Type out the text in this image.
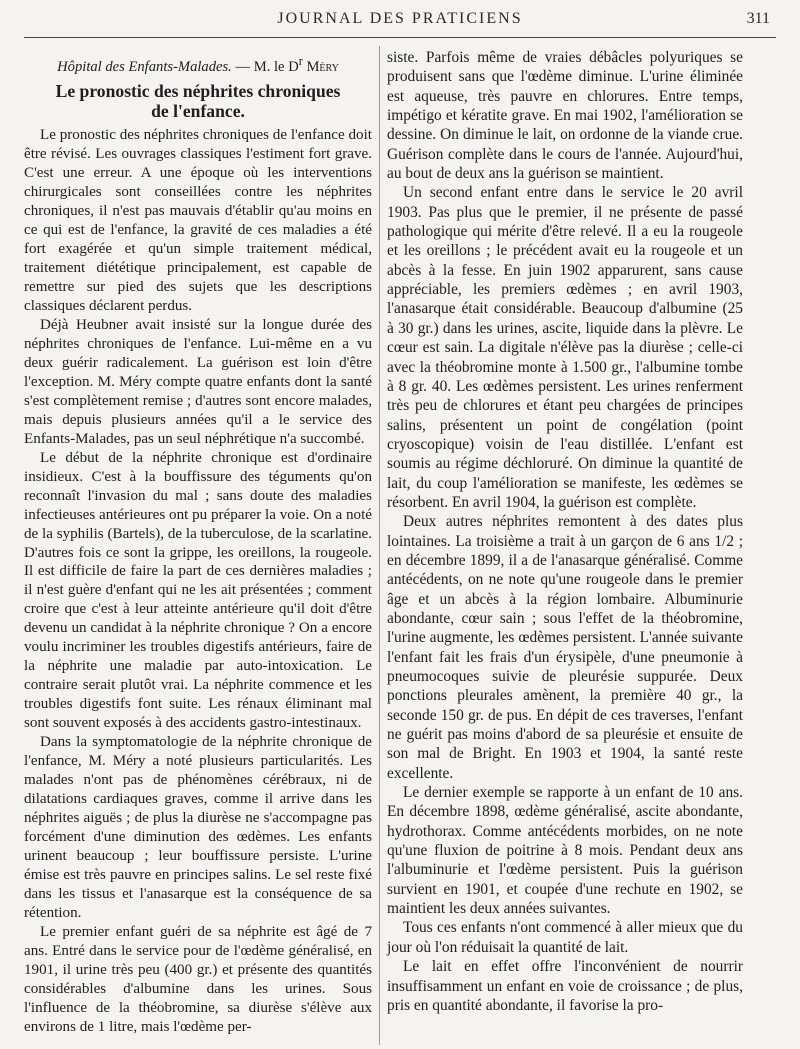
JOURNAL DES PRATICIENS	311

Hôpital des Enfants-Malades. — M. le $D^r$ Méry

Le pronostic des néphrites chroniques
de l'enfance.

Le pronostic des néphrites chroniques de l'enfance doit être révisé. Les ouvrages classiques l'estiment fort grave. C'est une erreur. A une époque où les interventions chirurgicales sont conseillées contre les néphrites chroniques, il n'est pas mauvais d'établir qu'au moins en ce qui est de l'enfance, la gravité de ces maladies a été fort exagérée et qu'un simple traitement médical, traitement diététique principalement, est capable de remettre sur pied des sujets que les descriptions classiques déclarent perdus.

Déjà Heubner avait insisté sur la longue durée des néphrites chroniques de l'enfance. Lui-même en a vu deux guérir radicalement. La guérison est loin d'être l'exception. M. Méry compte quatre enfants dont la santé s'est complètement remise ; d'autres sont encore malades, mais depuis plusieurs années qu'il a le service des Enfants-Malades, pas un seul néphrétique n'a succombé.

Le début de la néphrite chronique est d'ordinaire insidieux. C'est à la bouffissure des téguments qu'on reconnaît l'invasion du mal ; sans doute des maladies infectieuses antérieures ont pu préparer la voie. On a noté de la syphilis (Bartels), de la tuberculose, de la scarlatine. D'autres fois ce sont la grippe, les oreillons, la rougeole. Il est difficile de faire la part de ces dernières maladies ; il n'est guère d'enfant qui ne les ait présentées ; comment croire que c'est à leur atteinte antérieure qu'il doit d'être devenu un candidat à la néphrite chronique ? On a encore voulu incriminer les troubles digestifs antérieurs, faire de la néphrite une maladie par auto-intoxication. Le contraire serait plutôt vrai. La néphrite commence et les troubles digestifs font suite. Les rénaux éliminant mal sont souvent exposés à des accidents gastro-intestinaux.

Dans la symptomatologie de la néphrite chronique de l'enfance, M. Méry a noté plusieurs particularités. Les malades n'ont pas de phénomènes cérébraux, ni de dilatations cardiaques graves, comme il arrive dans les néphrites aiguës ; de plus la diurèse ne s'accompagne pas forcément d'une diminution des œdèmes. Les enfants urinent beaucoup ; leur bouffissure persiste. L'urine émise est très pauvre en principes salins. Le sel reste fixé dans les tissus et l'anasarque est la conséquence de sa rétention.

Le premier enfant guéri de sa néphrite est âgé de 7 ans. Entré dans le service pour de l'œdème généralisé, en 1901, il urine très peu (400 gr.) et présente des quantités considérables d'albumine dans les urines. Sous l'influence de la théobromine, sa diurèse s'élève aux environs de 1 litre, mais l'œdème per-

siste. Parfois même de vraies débâcles polyuriques se produisent sans que l'œdème diminue. L'urine éliminée est aqueuse, très pauvre en chlorures. Entre temps, impétigo et kératite grave. En mai 1902, l'amélioration se dessine. On diminue le lait, on ordonne de la viande crue. Guérison complète dans le cours de l'année. Aujourd'hui, au bout de deux ans la guérison se maintient.

Un second enfant entre dans le service le 20 avril 1903. Pas plus que le premier, il ne présente de passé pathologique qui mérite d'être relevé. Il a eu la rougeole et les oreillons ; le précédent avait eu la rougeole et un abcès à la fesse. En juin 1902 apparurent, sans cause appréciable, les premiers œdèmes ; en avril 1903, l'anasarque était considérable. Beaucoup d'albumine (25 à 30 gr.) dans les urines, ascite, liquide dans la plèvre. Le cœur est sain. La digitale n'élève pas la diurèse ; celle-ci avec la théobromine monte à 1.500 gr., l'albumine tombe à 8 gr. 40. Les œdèmes persistent. Les urines renferment très peu de chlorures et étant peu chargées de principes salins, présentent un point de congélation (point cryoscopique) voisin de l'eau distillée. L'enfant est soumis au régime déchloruré. On diminue la quantité de lait, du coup l'amélioration se manifeste, les œdèmes se résorbent. En avril 1904, la guérison est complète.

Deux autres néphrites remontent à des dates plus lointaines. La troisième a trait à un garçon de 6 ans 1/2 ; en décembre 1899, il a de l'anasarque généralisé. Comme antécédents, on ne note qu'une rougeole dans le premier âge et un abcès à la région lombaire. Albuminurie abondante, cœur sain ; sous l'effet de la théobromine, l'urine augmente, les œdèmes persistent. L'année suivante l'enfant fait les frais d'un érysipèle, d'une pneumonie à pneumocoques suivie de pleurésie suppurée. Deux ponctions pleurales amènent, la première 40 gr., la seconde 150 gr. de pus. En dépit de ces traverses, l'enfant ne guérit pas moins d'abord de sa pleurésie et ensuite de son mal de Bright. En 1903 et 1904, la santé reste excellente.

Le dernier exemple se rapporte à un enfant de 10 ans. En décembre 1898, œdème généralisé, ascite abondante, hydrothorax. Comme antécédents morbides, on ne note qu'une fluxion de poitrine à 8 mois. Pendant deux ans l'albuminurie et l'œdème persistent. Puis la guérison survient en 1901, et coupée d'une rechute en 1902, se maintient les deux années suivantes.

Tous ces enfants n'ont commencé à aller mieux que du jour où l'on réduisait la quantité de lait.

Le lait en effet offre l'inconvénient de nourrir insuffisamment un enfant en voie de croissance ; de plus, pris en quantité abondante, il favorise la pro-
